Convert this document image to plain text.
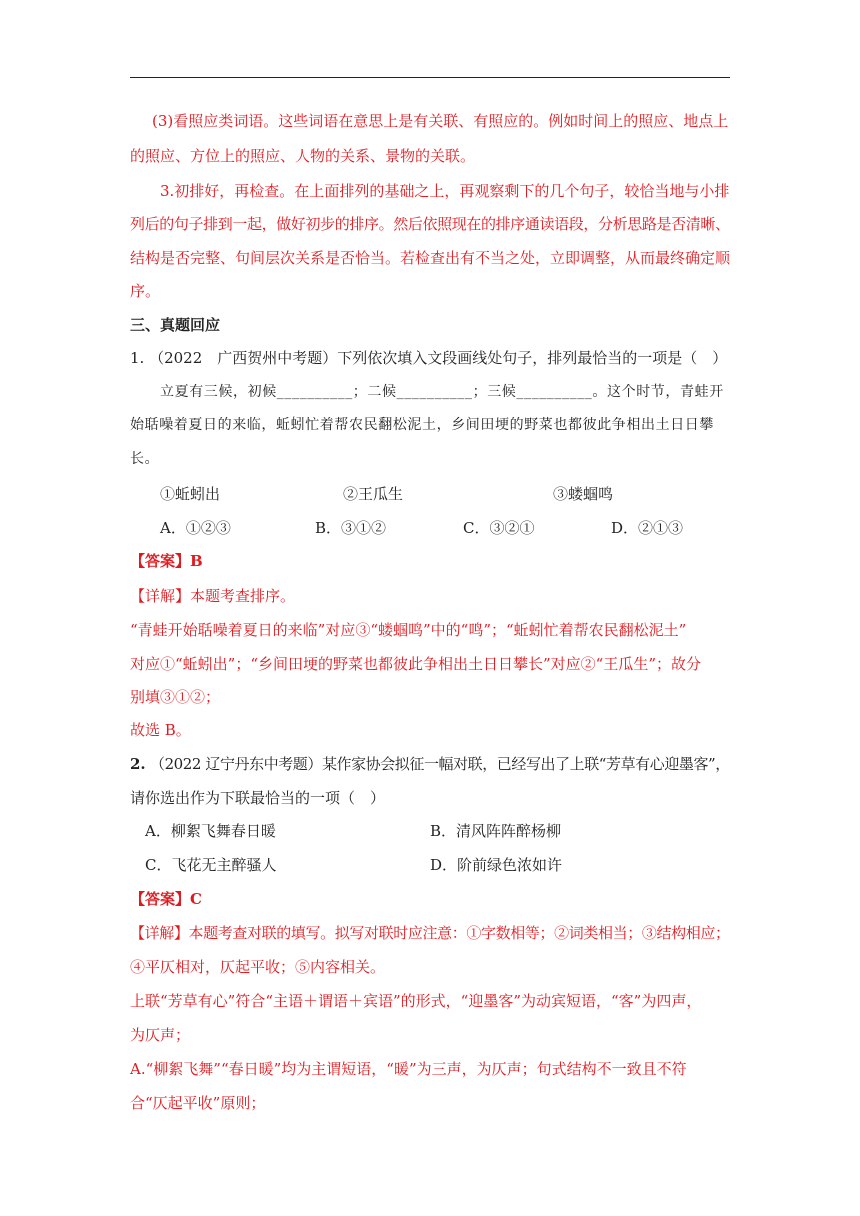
(3)看照应类词语。这些词语在意思上是有关联、有照应的。例如时间上的照应、地点上
的照应、方位上的照应、人物的关系、景物的关联。
3.初排好，再检查。在上面排列的基础之上，再观察剩下的几个句子，较恰当地与小排
列后的句子排到一起，做好初步的排序。然后依照现在的排序通读语段，分析思路是否清晰、
结构是否完整、句间层次关系是否恰当。若检查出有不当之处，立即调整，从而最终确定顺
序。
三、真题回应
1. （2022　广西贺州中考题）下列依次填入文段画线处句子，排列最恰当的一项是（　）
立夏有三候，初候__________；二候__________；三候__________。这个时节，青蛙开
始聒噪着夏日的来临，蚯蚓忙着帮农民翻松泥土，乡间田埂的野菜也都彼此争相出土日日攀
长。
①蚯蚓出	②王瓜生	③蝼蝈鸣
A．①②③	B．③①②	C．③②①	D．②①③
【答案】B
【详解】本题考查排序。
“青蛙开始聒噪着夏日的来临”对应③“蝼蝈鸣”中的“鸣”；“蚯蚓忙着帮农民翻松泥土”
对应①“蚯蚓出”；“乡间田埂的野菜也都彼此争相出土日日攀长”对应②“王瓜生”；故分
别填③①②；
故选 B。
2. （2022 辽宁丹东中考题）某作家协会拟征一幅对联，已经写出了上联“芳草有心迎墨客”，
请你选出作为下联最恰当的一项（　）
A．柳絮飞舞春日暖	B．清风阵阵醉杨柳
C．飞花无主醉骚人	D．阶前绿色浓如许
【答案】C
【详解】本题考查对联的填写。拟写对联时应注意：①字数相等；②词类相当；③结构相应；
④平仄相对，仄起平收；⑤内容相关。
上联“芳草有心”符合“主语＋谓语＋宾语”的形式，“迎墨客”为动宾短语，“客”为四声，
为仄声；
A.“柳絮飞舞”“春日暖”均为主谓短语，“暖”为三声，为仄声；句式结构不一致且不符
合“仄起平收”原则；
